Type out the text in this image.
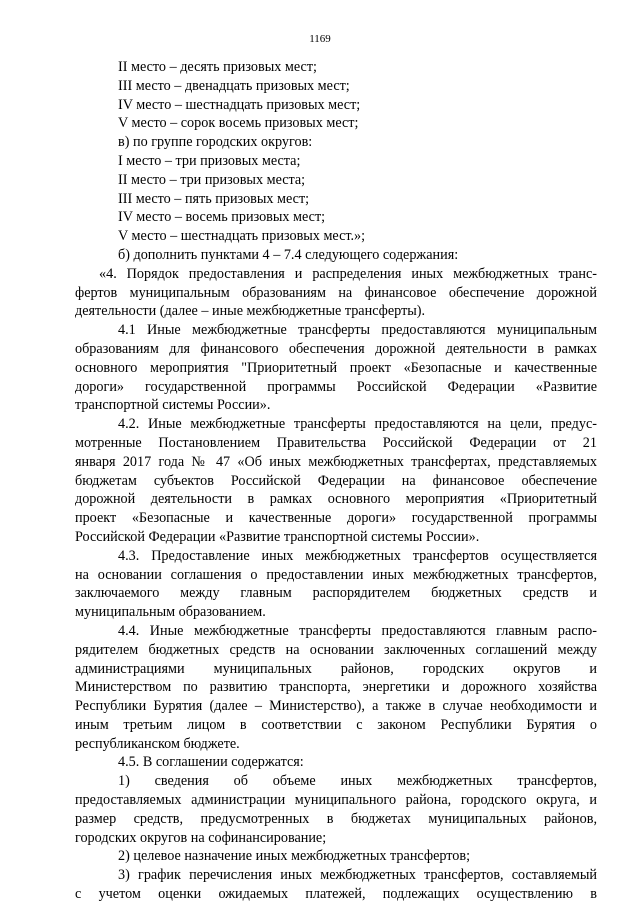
1169
II место – десять призовых мест;
III место – двенадцать призовых мест;
IV место – шестнадцать призовых мест;
V место – сорок восемь призовых мест;
в) по группе городских округов:
I место – три призовых места;
II место – три призовых места;
III место – пять призовых мест;
IV место – восемь призовых мест;
V место – шестнадцать призовых мест.»;
б) дополнить пунктами 4 – 7.4 следующего содержания:
«4. Порядок предоставления и распределения иных межбюджетных транс-
фертов муниципальным образованиям на финансовое обеспечение дорожной
деятельности (далее – иные межбюджетные трансферты).
4.1 Иные межбюджетные трансферты предоставляются муниципальным
образованиям для финансового обеспечения дорожной деятельности в рамках
основного мероприятия "Приоритетный проект «Безопасные и качественные
дороги» государственной программы Российской Федерации «Развитие
транспортной системы России».
4.2. Иные межбюджетные трансферты предоставляются на цели, предус-
мотренные Постановлением Правительства Российской Федерации от 21
января 2017 года № 47 «Об иных межбюджетных трансфертах, представляемых
бюджетам субъектов Российской Федерации на финансовое обеспечение
дорожной деятельности в рамках основного мероприятия «Приоритетный
проект «Безопасные и качественные дороги» государственной программы
Российской Федерации «Развитие транспортной системы России».
4.3. Предоставление иных межбюджетных трансфертов осуществляется
на основании соглашения о предоставлении иных межбюджетных трансфертов,
заключаемого между главным распорядителем бюджетных средств и
муниципальным образованием.
4.4. Иные межбюджетные трансферты предоставляются главным распо-
рядителем бюджетных средств на основании заключенных соглашений между
администрациями муниципальных районов, городских округов и
Министерством по развитию транспорта, энергетики и дорожного хозяйства
Республики Бурятия (далее – Министерство), а также в случае необходимости и
иным третьим лицом в соответствии с законом Республики Бурятия о
республиканском бюджете.
4.5. В соглашении содержатся:
1) сведения об объеме иных межбюджетных трансфертов,
предоставляемых администрации муниципального района, городского округа, и
размер средств, предусмотренных в бюджетах муниципальных районов,
городских округов на софинансирование;
2) целевое назначение иных межбюджетных трансфертов;
3) график перечисления иных межбюджетных трансфертов, составляемый
с учетом оценки ожидаемых платежей, подлежащих осуществлению в
